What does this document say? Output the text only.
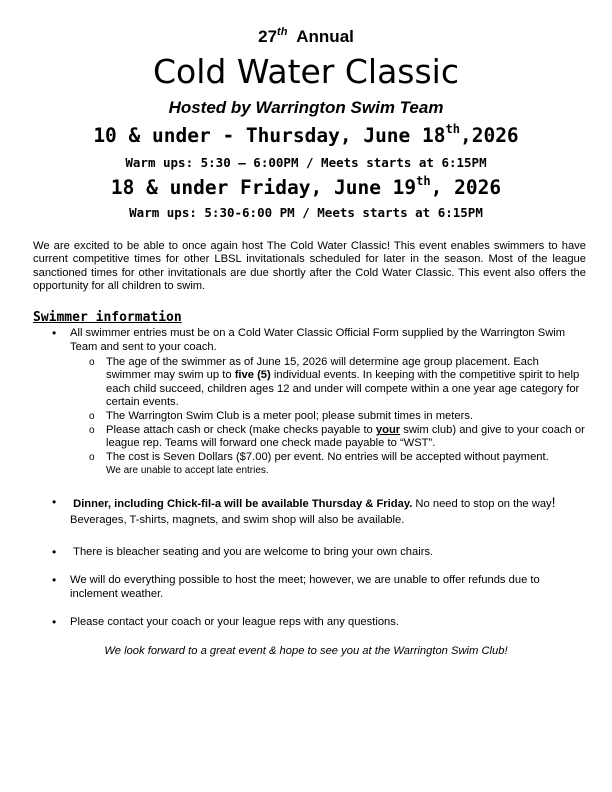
27th Annual
Cold Water Classic
Hosted by Warrington Swim Team
10 & under - Thursday, June 18th,2026
Warm ups: 5:30 – 6:00PM / Meets starts at 6:15PM
18 & under Friday, June 19th, 2026
Warm ups: 5:30-6:00 PM / Meets starts at 6:15PM

We are excited to be able to once again host The Cold Water Classic! This event enables swimmers to have current competitive times for other LBSL invitationals scheduled for later in the season. Most of the league sanctioned times for other invitationals are due shortly after the Cold Water Classic. This event also offers the opportunity for all children to swim.

Swimmer information
• All swimmer entries must be on a Cold Water Classic Official Form supplied by the Warrington Swim Team and sent to your coach.
o The age of the swimmer as of June 15, 2026 will determine age group placement. Each swimmer may swim up to five (5) individual events. In keeping with the competitive spirit to help each child succeed, children ages 12 and under will compete within a one year age category for certain events.
o The Warrington Swim Club is a meter pool; please submit times in meters.
o Please attach cash or check (make checks payable to your swim club) and give to your coach or league rep. Teams will forward one check made payable to “WST”.
o The cost is Seven Dollars ($7.00) per event. No entries will be accepted without payment.
We are unable to accept late entries.
• Dinner, including Chick-fil-a will be available Thursday & Friday. No need to stop on the way! Beverages, T-shirts, magnets, and swim shop will also be available.
• There is bleacher seating and you are welcome to bring your own chairs.
• We will do everything possible to host the meet; however, we are unable to offer refunds due to inclement weather.
• Please contact your coach or your league reps with any questions.
We look forward to a great event & hope to see you at the Warrington Swim Club!
